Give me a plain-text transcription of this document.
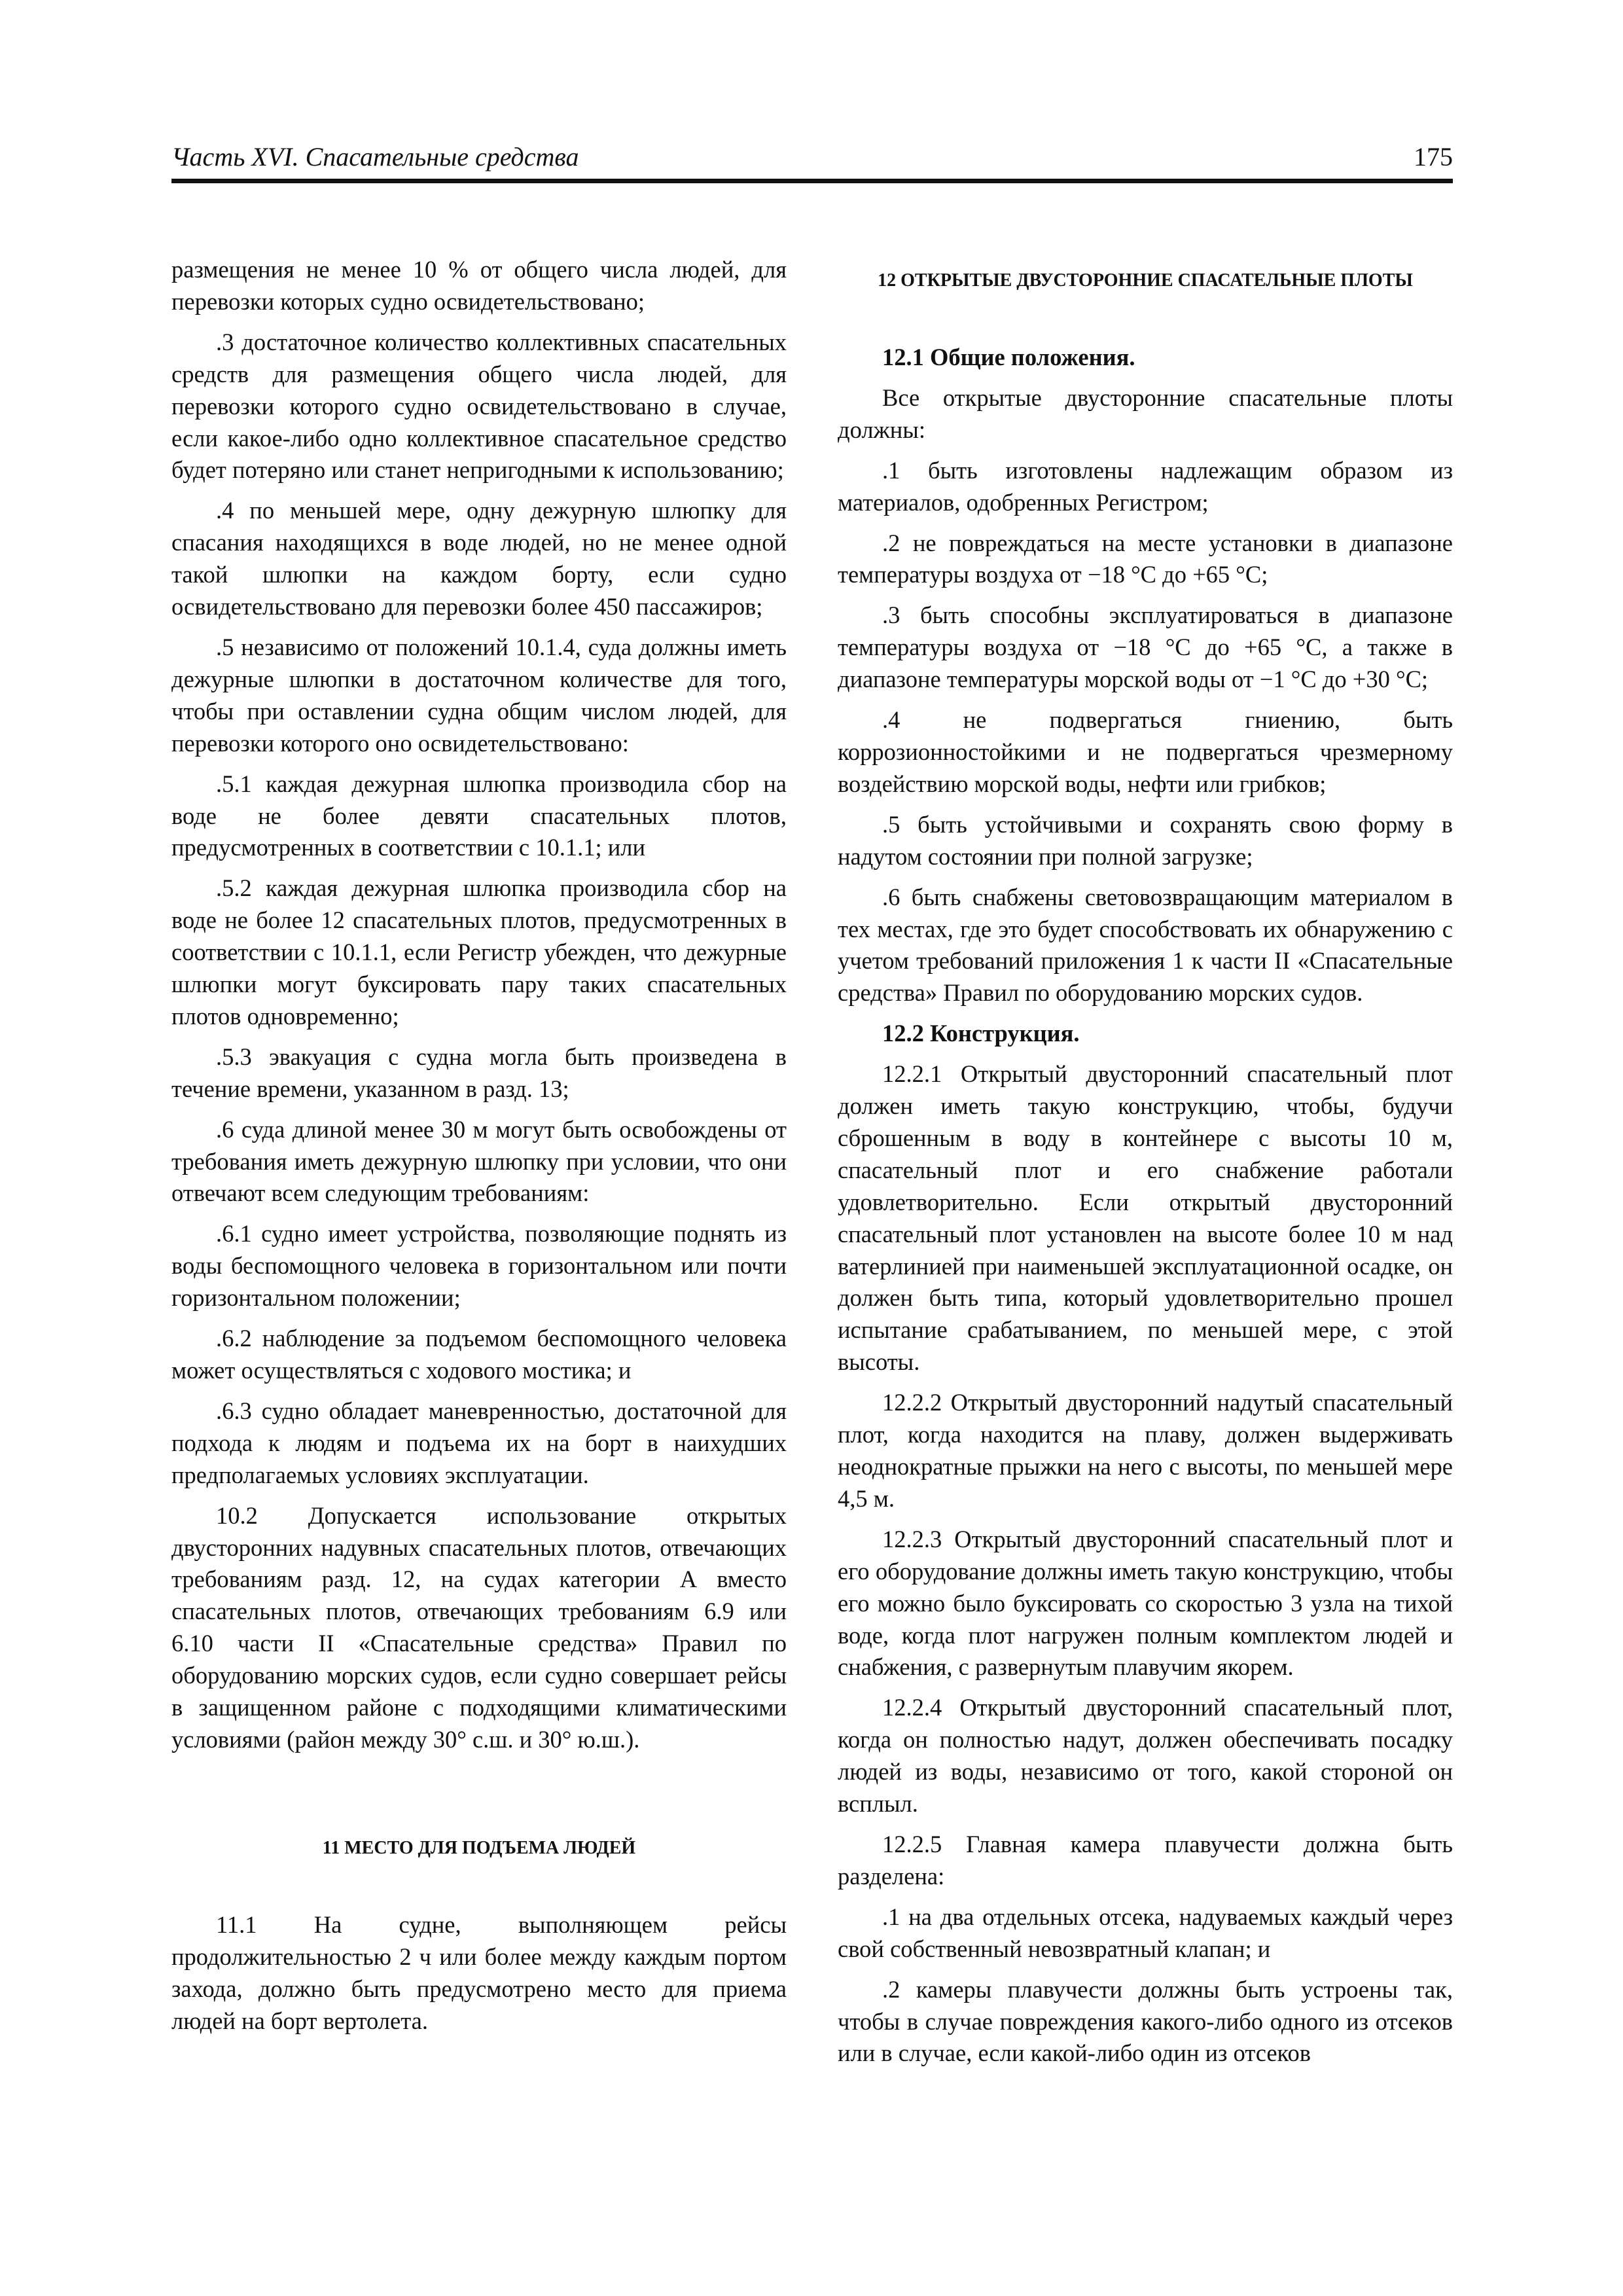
Часть XVI. Спасательные средства	175

размещения не менее 10 % от общего числа людей, для перевозки которых судно освидетельствовано;

.3 достаточное количество коллективных спасательных средств для размещения общего числа людей, для перевозки которого судно освидетельствовано в случае, если какое-либо одно коллективное спасательное средство будет потеряно или станет непригодными к использованию;

.4 по меньшей мере, одну дежурную шлюпку для спасания находящихся в воде людей, но не менее одной такой шлюпки на каждом борту, если судно освидетельствовано для перевозки более 450 пассажиров;

.5 независимо от положений 10.1.4, суда должны иметь дежурные шлюпки в достаточном количестве для того, чтобы при оставлении судна общим числом людей, для перевозки которого оно освидетельствовано:

.5.1 каждая дежурная шлюпка производила сбор на воде не более девяти спасательных плотов, предусмотренных в соответствии с 10.1.1; или

.5.2 каждая дежурная шлюпка производила сбор на воде не более 12 спасательных плотов, предусмотренных в соответствии с 10.1.1, если Регистр убежден, что дежурные шлюпки могут буксировать пару таких спасательных плотов одновременно;

.5.3 эвакуация с судна могла быть произведена в течение времени, указанном в разд. 13;

.6 суда длиной менее 30 м могут быть освобождены от требования иметь дежурную шлюпку при условии, что они отвечают всем следующим требованиям:

.6.1 судно имеет устройства, позволяющие поднять из воды беспомощного человека в горизонтальном или почти горизонтальном положении;

.6.2 наблюдение за подъемом беспомощного человека может осуществляться с ходового мостика; и

.6.3 судно обладает маневренностью, достаточной для подхода к людям и подъема их на борт в наихудших предполагаемых условиях эксплуатации.

10.2 Допускается использование открытых двусторонних надувных спасательных плотов, отвечающих требованиям разд. 12, на судах категории А вместо спасательных плотов, отвечающих требованиям 6.9 или 6.10 части II «Спасательные средства» Правил по оборудованию морских судов, если судно совершает рейсы в защищенном районе с подходящими климатическими условиями (район между 30° с.ш. и 30° ю.ш.).

11 МЕСТО ДЛЯ ПОДЪЕМА ЛЮДЕЙ

11.1 На судне, выполняющем рейсы продолжительностью 2 ч или более между каждым портом захода, должно быть предусмотрено место для приема людей на борт вертолета.

12 ОТКРЫТЫЕ ДВУСТОРОННИЕ СПАСАТЕЛЬНЫЕ ПЛОТЫ

12.1 Общие положения.

Все открытые двусторонние спасательные плоты должны:

.1 быть изготовлены надлежащим образом из материалов, одобренных Регистром;

.2 не повреждаться на месте установки в диапазоне температуры воздуха от −18 °С до +65 °С;

.3 быть способны эксплуатироваться в диапазоне температуры воздуха от −18 °С до +65 °С, а также в диапазоне температуры морской воды от −1 °С до +30 °С;

.4 не подвергаться гниению, быть коррозионностойкими и не подвергаться чрезмерному воздействию морской воды, нефти или грибков;

.5 быть устойчивыми и сохранять свою форму в надутом состоянии при полной загрузке;

.6 быть снабжены световозвращающим материалом в тех местах, где это будет способствовать их обнаружению с учетом требований приложения 1 к части II «Спасательные средства» Правил по оборудованию морских судов.

12.2 Конструкция.

12.2.1 Открытый двусторонний спасательный плот должен иметь такую конструкцию, чтобы, будучи сброшенным в воду в контейнере с высоты 10 м, спасательный плот и его снабжение работали удовлетворительно. Если открытый двусторонний спасательный плот установлен на высоте более 10 м над ватерлинией при наименьшей эксплуатационной осадке, он должен быть типа, который удовлетворительно прошел испытание срабатыванием, по меньшей мере, с этой высоты.

12.2.2 Открытый двусторонний надутый спасательный плот, когда находится на плаву, должен выдерживать неоднократные прыжки на него с высоты, по меньшей мере 4,5 м.

12.2.3 Открытый двусторонний спасательный плот и его оборудование должны иметь такую конструкцию, чтобы его можно было буксировать со скоростью 3 узла на тихой воде, когда плот нагружен полным комплектом людей и снабжения, с развернутым плавучим якорем.

12.2.4 Открытый двусторонний спасательный плот, когда он полностью надут, должен обеспечивать посадку людей из воды, независимо от того, какой стороной он всплыл.

12.2.5 Главная камера плавучести должна быть разделена:

.1 на два отдельных отсека, надуваемых каждый через свой собственный невозвратный клапан; и

.2 камеры плавучести должны быть устроены так, чтобы в случае повреждения какого-либо одного из отсеков или в случае, если какой-либо один из отсеков
